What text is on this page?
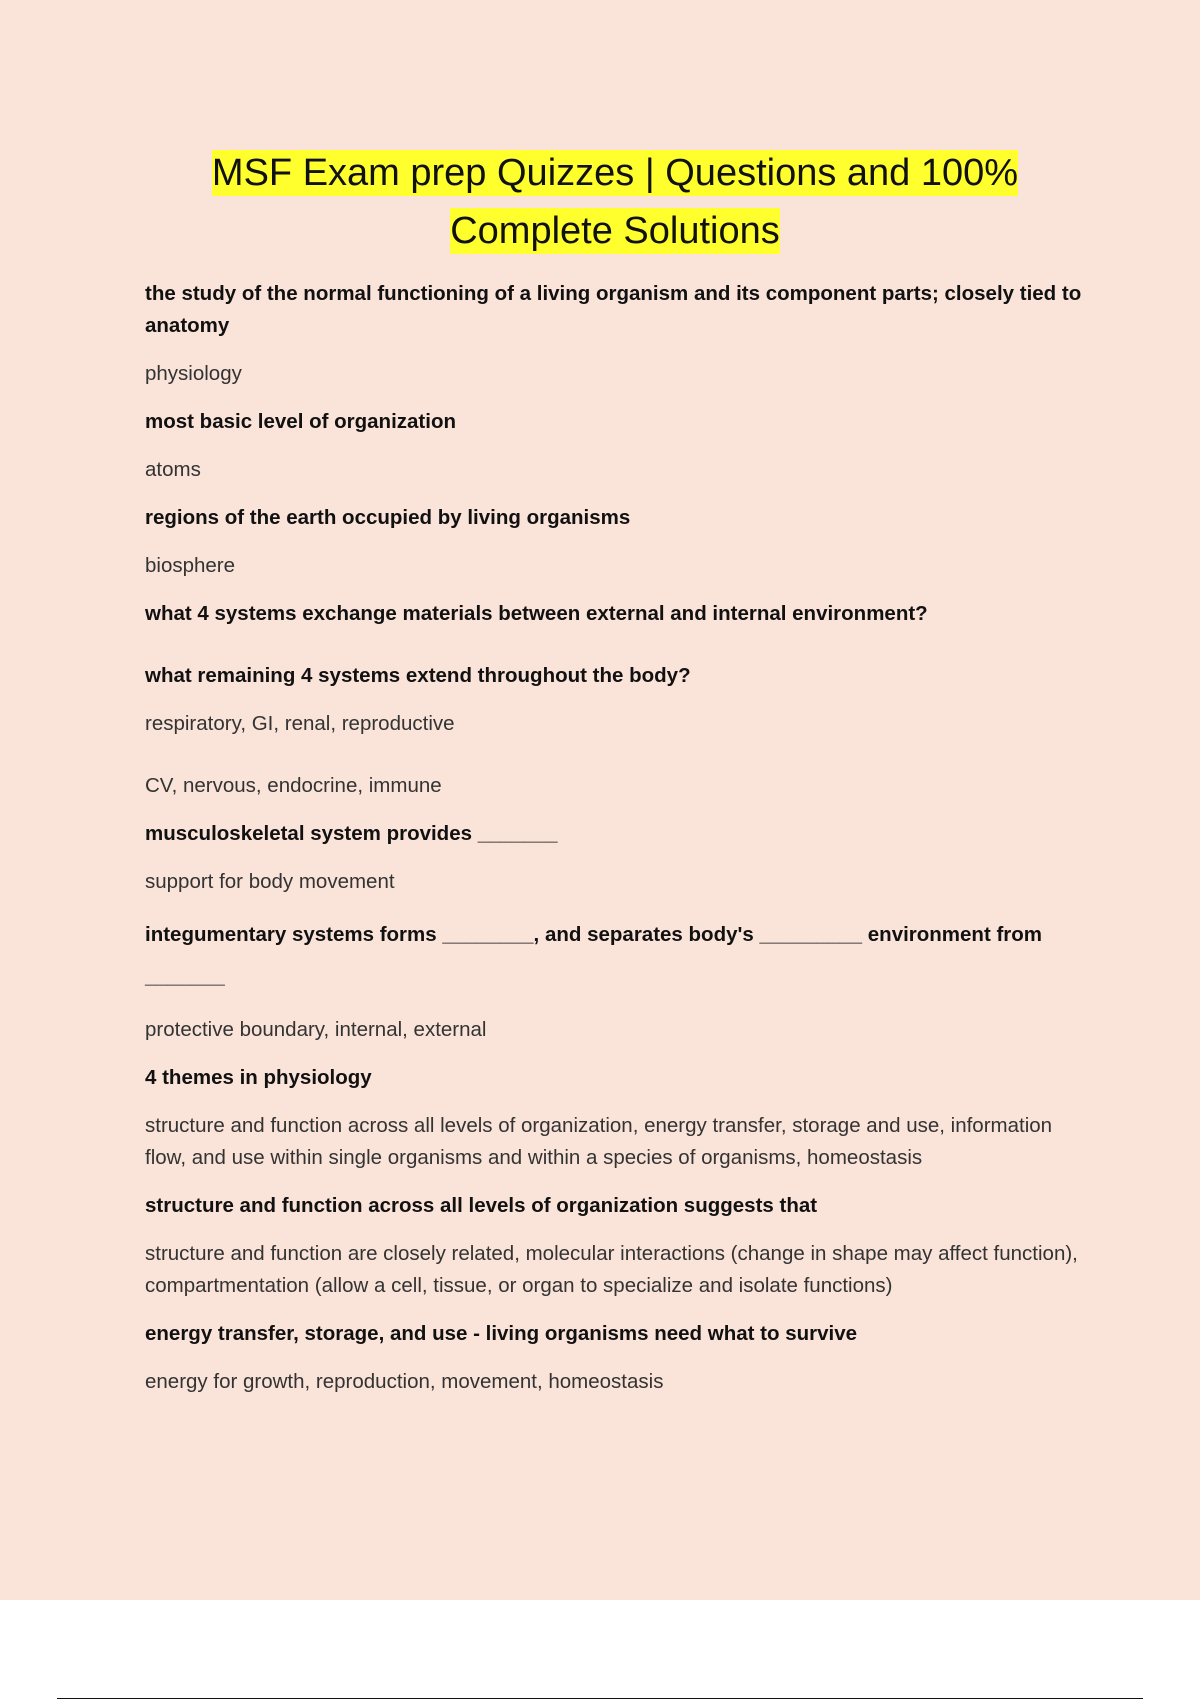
MSF Exam prep Quizzes | Questions and 100%
Complete Solutions
the study of the normal functioning of a living organism and its component parts; closely tied to anatomy
physiology
most basic level of organization
atoms
regions of the earth occupied by living organisms
biosphere
what 4 systems exchange materials between external and internal environment?
what remaining 4 systems extend throughout the body?
respiratory, GI, renal, reproductive
CV, nervous, endocrine, immune
musculoskeletal system provides _______
support for body movement
integumentary systems forms ________, and separates body's _________ environment from _______
protective boundary, internal, external
4 themes in physiology
structure and function across all levels of organization, energy transfer, storage and use, information flow, and use within single organisms and within a species of organisms, homeostasis
structure and function across all levels of organization suggests that
structure and function are closely related, molecular interactions (change in shape may affect function), compartmentation (allow a cell, tissue, or organ to specialize and isolate functions)
energy transfer, storage, and use - living organisms need what to survive
energy for growth, reproduction, movement, homeostasis
